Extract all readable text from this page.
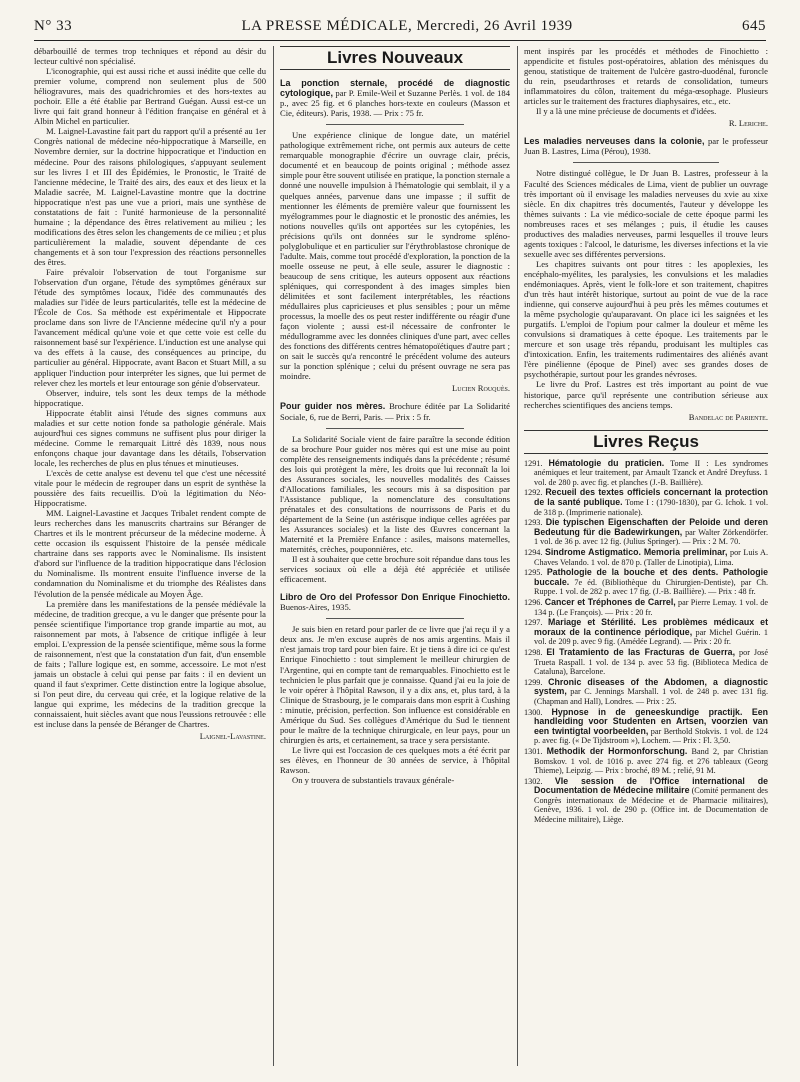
N° 33	LA PRESSE MÉDICALE, Mercredi, 26 Avril 1939	645

débarbouillé de termes trop techniques et répond au désir du lecteur cultivé non spécialisé.

L'iconographie, qui est aussi riche et aussi inédite que celle du premier volume, comprend non seulement plus de 500 héliogravures, mais des quadrichromies et des hors-textes au pochoir. Elle a été établie par Bertrand Guégan. Aussi est-ce un livre qui fait grand honneur à l'édition française en général et à Albin Michel en particulier.

M. Laignel-Lavastine fait part du rapport qu'il a présenté au 1er Congrès national de médecine néo-hippocratique à Marseille, en Novembre dernier, sur la doctrine hippocratique et l'induction en médecine. Pour des raisons philologiques, s'appuyant seulement sur les livres I et III des Épidémies, le Pronostic, le Traité de l'ancienne médecine, le Traité des airs, des eaux et des lieux et la Maladie sacrée, M. Laignel-Lavastine montre que la doctrine hippocratique n'est pas une vue a priori, mais une synthèse de constatations de fait : l'unité harmonieuse de la personnalité humaine ; la dépendance des êtres relativement au milieu ; les modifications des êtres selon les changements de ce milieu ; et plus particulièrement la maladie, souvent dépendante de ces changements et à son tour l'expression des réactions personnelles des êtres.

Faire prévaloir l'observation de tout l'organisme sur l'observation d'un organe, l'étude des symptômes généraux sur l'étude des symptômes locaux, l'idée des communautés des maladies sur l'idée de leurs particularités, telle est la médecine de l'École de Cos. Sa méthode est expérimentale et Hippocrate proclame dans son livre de l'Ancienne médecine qu'il n'y a pour l'avancement médical qu'une voie et que cette voie est celle du raisonnement basé sur l'expérience. L'induction est une analyse qui va des effets à la cause, des conséquences au principe, du particulier au général. Hippocrate, avant Bacon et Stuart Mill, a su appliquer l'induction pour interpréter les signes, que lui permet de relever chez les mortels et leur entourage son génie d'observateur.

Observer, induire, tels sont les deux temps de la méthode hippocratique.

Hippocrate établit ainsi l'étude des signes communs aux maladies et sur cette notion fonde sa pathologie générale. Mais aujourd'hui ces signes communs ne suffisent plus pour diriger la médecine. Comme le remarquait Littré dès 1839, nous nous enfonçons chaque jour davantage dans les détails, l'observation locale, les recherches de plus en plus ténues et minutieuses.

L'excès de cette analyse est devenu tel que c'est une nécessité vitale pour le médecin de regrouper dans un esprit de synthèse la poussière des faits recueillis. D'où la légitimation du Néo-Hippocratisme.

MM. Laignel-Lavastine et Jacques Tribalet rendent compte de leurs recherches dans les manuscrits chartrains sur Béranger de Chartres et ils le montrent précurseur de la médecine moderne. À cette occasion ils esquissent l'histoire de la pensée médicale chartraine dans ses rapports avec le Nominalisme. Ils insistent d'abord sur l'influence de la tradition hippocratique dans l'éclosion du Nominalisme. Ils montrent ensuite l'influence inverse de la condamnation du Nominalisme et du triomphe des Réalistes dans l'évolution de la pensée médicale au Moyen Âge.

La première dans les manifestations de la pensée médiévale la médecine, de tradition grecque, a vu le danger que présente pour la pensée scientifique l'importance trop grande impartie au mot, au raisonnement par mots, à l'absence de critique infligée à leur emploi. L'expression de la pensée scientifique, même sous la forme de raisonnement, n'est que la constatation d'un fait, d'un ensemble de faits ; l'allure logique est, en somme, accessoire. Le mot n'est jamais un obstacle à celui qui pense par faits : il en devient un quand il faut s'exprimer. Cette distinction entre la logique absolue, si l'on peut dire, du cerveau qui crée, et la logique relative de la langue qui exprime, les médecins de la tradition grecque la connaissaient, huit siècles avant que nous l'eussions retrouvée : elle est incluse dans la pensée de Béranger de Chartres.

Laignel-Lavastine.
Livres Nouveaux

La ponction sternale, procédé de diagnostic cytologique, par P. Emile-Weil et Suzanne Perlès. 1 vol. de 184 p., avec 25 fig. et 6 planches hors-texte en couleurs (Masson et Cie, éditeurs). Paris, 1938. — Prix : 75 fr.

Une expérience clinique de longue date, un matériel pathologique extrêmement riche, ont permis aux auteurs de cette remarquable monographie d'écrire un ouvrage clair, précis, documenté et en beaucoup de points original ; méthode assez simple pour être souvent utilisée en pratique, la ponction sternale a donné une nouvelle impulsion à l'hématologie qui semblait, il y a quelques années, parvenue dans une impasse ; il suffit de mentionner les éléments de première valeur que fournissent les myélogrammes pour le diagnostic et le pronostic des anémies, les notions nouvelles qu'ils ont apportées sur les cytopénies, les précisions qu'ils ont données sur le syndrome spléno-polyglobulique et en particulier sur l'érythroblastose chronique de l'adulte. Mais, comme tout procédé d'exploration, la ponction de la moelle osseuse ne peut, à elle seule, assurer le diagnostic : beaucoup de sens critique, les auteurs opposent aux réactions spléniques, qui correspondent à des images simples bien délimitées et sont facilement interprétables, les réactions médullaires plus capricieuses et plus sensibles ; pour un même processus, la moelle des os peut rester indifférente ou réagir d'une façon violente ; aussi est-il nécessaire de confronter le médullogramme avec les données cliniques d'une part, avec celles des fonctions des différents centres hématopoïétiques d'autre part ; on sait le succès qu'a rencontré le précédent volume des auteurs sur la ponction splénique ; celui du présent ouvrage ne sera pas moindre.

Lucien Rouquès.

Pour guider nos mères. Brochure éditée par La Solidarité Sociale, 6, rue de Berri, Paris. — Prix : 5 fr.

La Solidarité Sociale vient de faire paraître la seconde édition de sa brochure Pour guider nos mères qui est une mise au point complète des renseignements indiqués dans la précédente ; résumé des lois qui protègent la mère, les droits que lui reconnaît la loi des Assurances sociales, les nouvelles modalités des Caisses d'Allocations familiales, les secours mis à sa disposition par l'Assistance publique, la nomenclature des consultations prénatales et des consultations de nourrissons de Paris et du département de la Seine (un astérisque indique celles agréées par les Assurances sociales) et la liste des Œuvres concernant la Maternité et la Première Enfance : asiles, maisons maternelles, maternités, crèches, pouponnières, etc.

Il est à souhaiter que cette brochure soit répandue dans tous les services sociaux où elle a déjà été appréciée et utilisée efficacement.

Libro de Oro del Professor Don Enrique Finochietto. Buenos-Aires, 1935.

Je suis bien en retard pour parler de ce livre que j'ai reçu il y a deux ans. Je m'en excuse auprès de nos amis argentins. Mais il n'est jamais trop tard pour bien faire. Et je tiens à dire ici ce qu'est Enrique Finochietto : tout simplement le meilleur chirurgien de l'Argentine, qui en compte tant de remarquables. Finochietto est le technicien le plus parfait que je connaisse. Quand j'ai eu la joie de le voir opérer à l'hôpital Rawson, il y a dix ans, et, plus tard, à la Clinique de Strasbourg, je le comparais dans mon esprit à Cushing : minutie, précision, perfection. Son influence est considérable en Amérique du Sud. Ses collègues d'Amérique du Sud le tiennent pour le maître de la technique chirurgicale, en leur pays, pour un chirurgien ès arts, et certainement, sa trace y sera persistante.

Le livre qui est l'occasion de ces quelques mots a été écrit par ses élèves, en l'honneur de 30 années de service, à l'hôpital Rawson.

On y trouvera de substantiels travaux générale-

ment inspirés par les procédés et méthodes de Finochietto : appendicite et fistules post-opératoires, ablation des ménisques du genou, statistique de traitement de l'ulcère gastro-duodénal, furoncle du rein, pseudarthroses et retards de consolidation, tumeurs inflammatoires du côlon, traitement du méga-œsophage. Plusieurs articles sur le traitement des fractures diaphysaires, etc., etc.

Il y a là une mine précieuse de documents et d'idées.

R. Leriche.

Les maladies nerveuses dans la colonie, par le professeur Juan B. Lastres, Lima (Pérou), 1938.

Notre distingué collègue, le Dr Juan B. Lastres, professeur à la Faculté des Sciences médicales de Lima, vient de publier un ouvrage très important où il envisage les maladies nerveuses du xvie au xixe siècle. En dix chapitres très documentés, l'auteur y développe les thèmes suivants : La vie médico-sociale de cette époque parmi les nombreuses races et ses mélanges ; puis, il étudie les causes productives des maladies nerveuses, parmi lesquelles il trouve leurs agents toxiques : l'alcool, le daturisme, les diverses infections et la vie sexuelle avec ses différentes perversions.

Les chapitres suivants ont pour titres : les apoplexies, les encéphalo-myélites, les paralysies, les convulsions et les maladies endémoniaques. Après, vient le folk-lore et son traitement, chapitres d'un très haut intérêt historique, surtout au point de vue de la race indienne, qui conserve aujourd'hui à peu près les mêmes coutumes et la même psychologie qu'auparavant. On place ici les saignées et les purgatifs. L'emploi de l'opium pour calmer la douleur et même les convulsions si dramatiques à cette époque. Les traitements par le mercure et son usage très répandu, produisant les multiples cas d'intoxication. Enfin, les traitements rudimentaires des aliénés avant l'ère pinélienne (époque de Pinel) avec ses grandes doses de psychothérapie, surtout pour les grandes névroses.

Le livre du Prof. Lastres est très important au point de vue historique, parce qu'il représente une contribution sérieuse aux recherches scientifiques des anciens temps.

Bandelac de Pariente.
Livres Reçus

1291. Hématologie du praticien. Tome II : Les syndromes anémiques et leur traitement, par Arnault Tzanck et André Dreyfuss. 1 vol. de 280 p. avec fig. et planches (J.-B. Baillière).

1292. Recueil des textes officiels concernant la protection de la santé publique. Tome I : (1790-1830), par G. Ichok. 1 vol. de 318 p. (Imprimerie nationale).

1293. Die typischen Eigenschaften der Peloide und deren Bedeutung für die Badewirkungen, par Walter Zörkendörfer. 1 vol. de 36 p. avec 12 fig. (Julius Springer). — Prix : 2 M. 70.

1294. Sindrome Astigmatico. Memoria preliminar, por Luis A. Chaves Velando. 1 vol. de 870 p. (Taller de Linotipia), Lima.

1295. Pathologie de la bouche et des dents. Pathologie buccale. 7e éd. (Bibliothèque du Chirurgien-Dentiste), par Ch. Ruppe. 1 vol. de 282 p. avec 17 fig. (J.-B. Baillière). — Prix : 48 fr.

1296. Cancer et Tréphones de Carrel, par Pierre Lemay. 1 vol. de 134 p. (Le François). — Prix : 20 fr.

1297. Mariage et Stérilité. Les problèmes médicaux et moraux de la continence périodique, par Michel Guérin. 1 vol. de 209 p. avec 9 fig. (Amédée Legrand). — Prix : 20 fr.

1298. El Tratamiento de las Fracturas de Guerra, por José Trueta Raspall. 1 vol. de 134 p. avec 53 fig. (Biblioteca Medica de Cataluna), Barcelone.

1299. Chronic diseases of the Abdomen, a diagnostic system, par C. Jennings Marshall. 1 vol. de 248 p. avec 131 fig. (Chapman and Hall), Londres. — Prix : 25.

1300. Hypnose in de geneeskundige practijk. Een handleiding voor Studenten en Artsen, voorzien van een twintigtal voorbeelden, par Berthold Stokvis. 1 vol. de 124 p. avec fig. (« De Tijdstroom »), Lochem. — Prix : Fl. 3,50.

1301. Methodik der Hormonforschung. Band 2, par Christian Bomskov. 1 vol. de 1016 p. avec 274 fig. et 276 tableaux (Georg Thieme), Leipzig. — Prix : broché, 89 M. ; relié, 91 M.

1302. VIe session de l'Office international de Documentation de Médecine militaire (Comité permanent des Congrès internationaux de Médecine et de Pharmacie militaires), Genève, 1936. 1 vol. de 290 p. (Office int. de Documentation de Médecine militaire), Liège.
